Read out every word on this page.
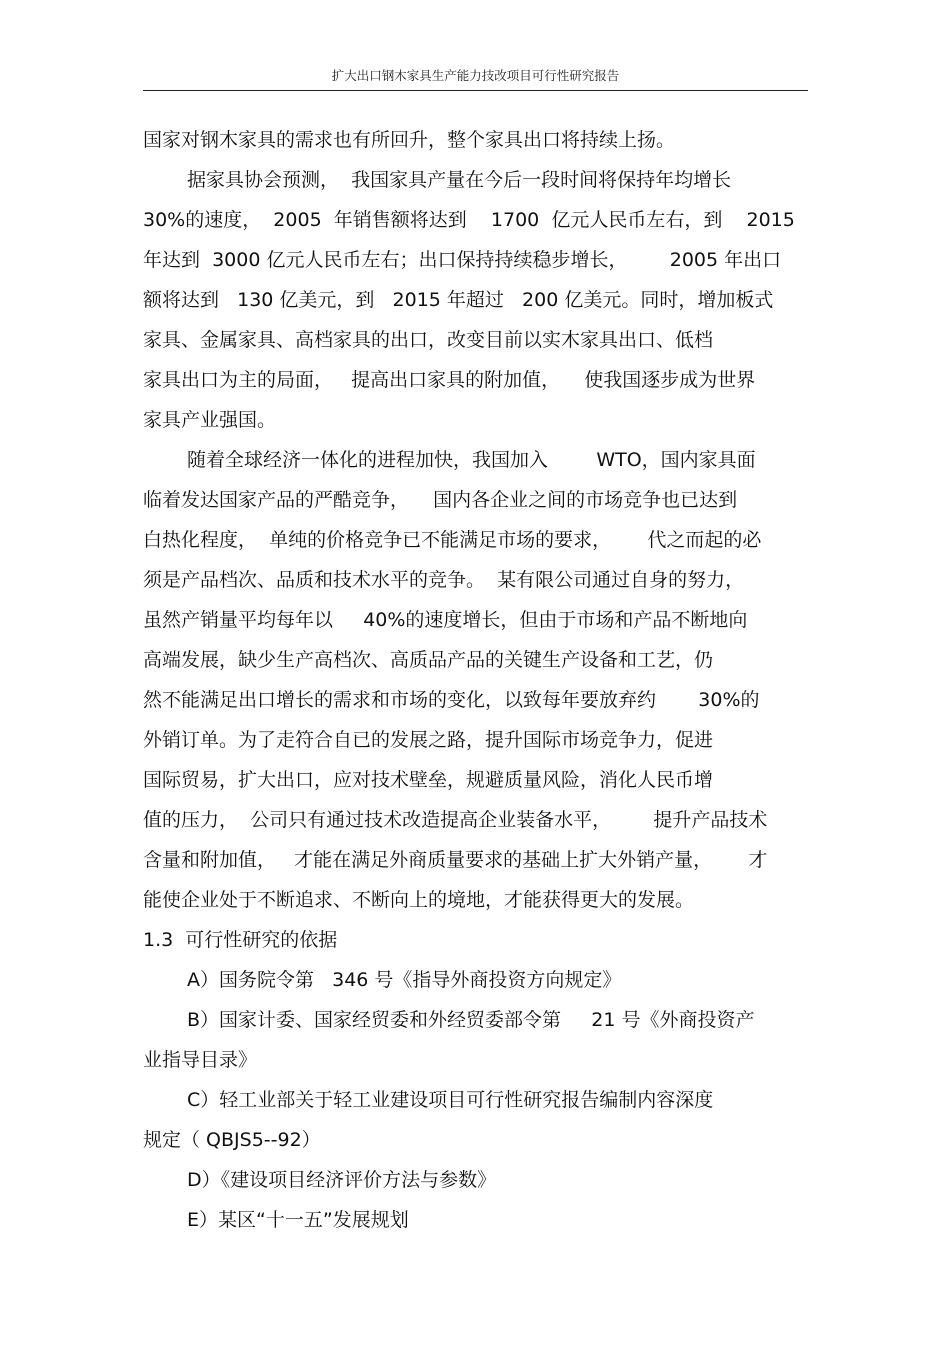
扩大出口钢木家具生产能力技改项目可行性研究报告
国家对钢木家具的需求也有所回升，整个家具出口将持续上扬。
据家具协会预测，  我国家具产量在今后一段时间将保持年均增长
30%的速度，  2005  年销售额将达到    1700  亿元人民币左右，到    2015
年达到  3000 亿元人民币左右；出口保持持续稳步增长，       2005 年出口
额将达到   130 亿美元，到   2015 年超过   200 亿美元。同时，增加板式
家具、金属家具、高档家具的出口，改变目前以实木家具出口、低档
家具出口为主的局面，   提高出口家具的附加值，    使我国逐步成为世界
家具产业强国。
随着全球经济一体化的进程加快，我国加入        WTO，国内家具面
临着发达国家产品的严酷竞争，    国内各企业之间的市场竞争也已达到
白热化程度，  单纯的价格竞争已不能满足市场的要求，      代之而起的必
须是产品档次、品质和技术水平的竞争。  某有限公司通过自身的努力，
虽然产销量平均每年以     40%的速度增长，但由于市场和产品不断地向
高端发展，缺少生产高档次、高质品产品的关键生产设备和工艺，仍
然不能满足出口增长的需求和市场的变化，以致每年要放弃约       30%的
外销订单。为了走符合自已的发展之路，提升国际市场竞争力，促进
国际贸易，扩大出口，应对技术壁垒，规避质量风险，消化人民币增
值的压力，  公司只有通过技术改造提高企业装备水平，       提升产品技术
含量和附加值，   才能在满足外商质量要求的基础上扩大外销产量，      才
能使企业处于不断追求、不断向上的境地，才能获得更大的发展。
1.3  可行性研究的依据
A）国务院令第   346 号《指导外商投资方向规定》
B）国家计委、国家经贸委和外经贸委部令第     21 号《外商投资产
业指导目录》
C）轻工业部关于轻工业建设项目可行性研究报告编制内容深度
规定（ QBJS5--92）
D）《建设项目经济评价方法与参数》
E）某区“十一五”发展规划
